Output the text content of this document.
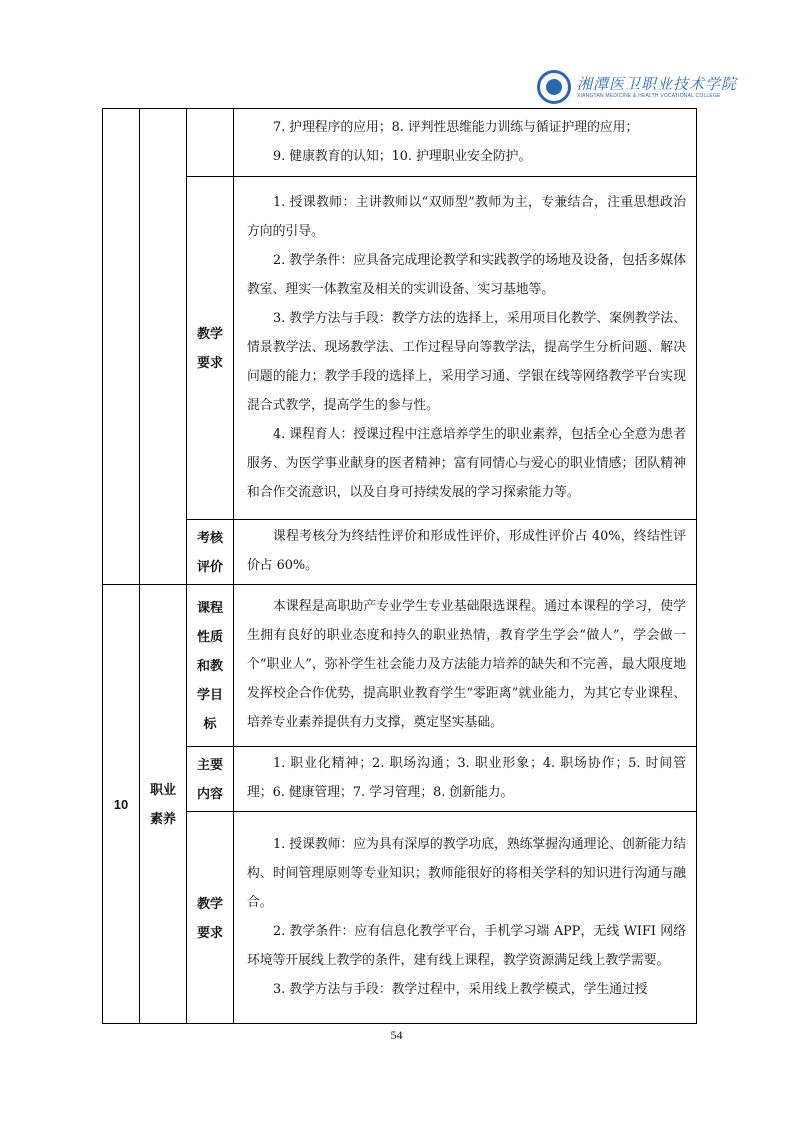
湘潭医卫职业技术学院
XIANGTAN MEDICINE & HEALTH VOCATIONAL COLLEGE

			7. 护理程序的应用；8. 评判性思维能力训练与循证护理的应用；

9. 健康教育的认知；10. 护理职业安全防护。

		教学要求	1. 授课教师：主讲教师以“双师型”教师为主，专兼结合，注重思想政治方向的引导。

2. 教学条件：应具备完成理论教学和实践教学的场地及设备，包括多媒体教室、理实一体教室及相关的实训设备、实习基地等。

3. 教学方法与手段：教学方法的选择上，采用项目化教学、案例教学法、情景教学法、现场教学法、工作过程导向等教学法，提高学生分析问题、解决问题的能力；教学手段的选择上，采用学习通、学银在线等网络教学平台实现混合式教学，提高学生的参与性。

4. 课程育人：授课过程中注意培养学生的职业素养，包括全心全意为患者服务、为医学事业献身的医者精神；富有同情心与爱心的职业情感；团队精神和合作交流意识，以及自身可持续发展的学习探索能力等。

		考核评价	课程考核分为终结性评价和形成性评价，形成性评价占 40%，终结性评价占 60%。

10	职业素养	课程性质和教学目标	本课程是高职助产专业学生专业基础限选课程。通过本课程的学习，使学生拥有良好的职业态度和持久的职业热情，教育学生学会“做人”，学会做一个“职业人”，弥补学生社会能力及方法能力培养的缺失和不完善，最大限度地发挥校企合作优势，提高职业教育学生“零距离”就业能力，为其它专业课程、培养专业素养提供有力支撑，奠定坚实基础。

		主要内容	1. 职业化精神；2. 职场沟通；3. 职业形象；4. 职场协作；5. 时间管理；6. 健康管理；7. 学习管理；8. 创新能力。

		教学要求	1. 授课教师：应为具有深厚的教学功底，熟练掌握沟通理论、创新能力结构、时间管理原则等专业知识；教师能很好的将相关学科的知识进行沟通与融合。

2. 教学条件：应有信息化教学平台，手机学习端 APP，无线 WIFI 网络环境等开展线上教学的条件，建有线上课程，教学资源满足线上教学需要。

3. 教学方法与手段：教学过程中，采用线上教学模式，学生通过授

54
